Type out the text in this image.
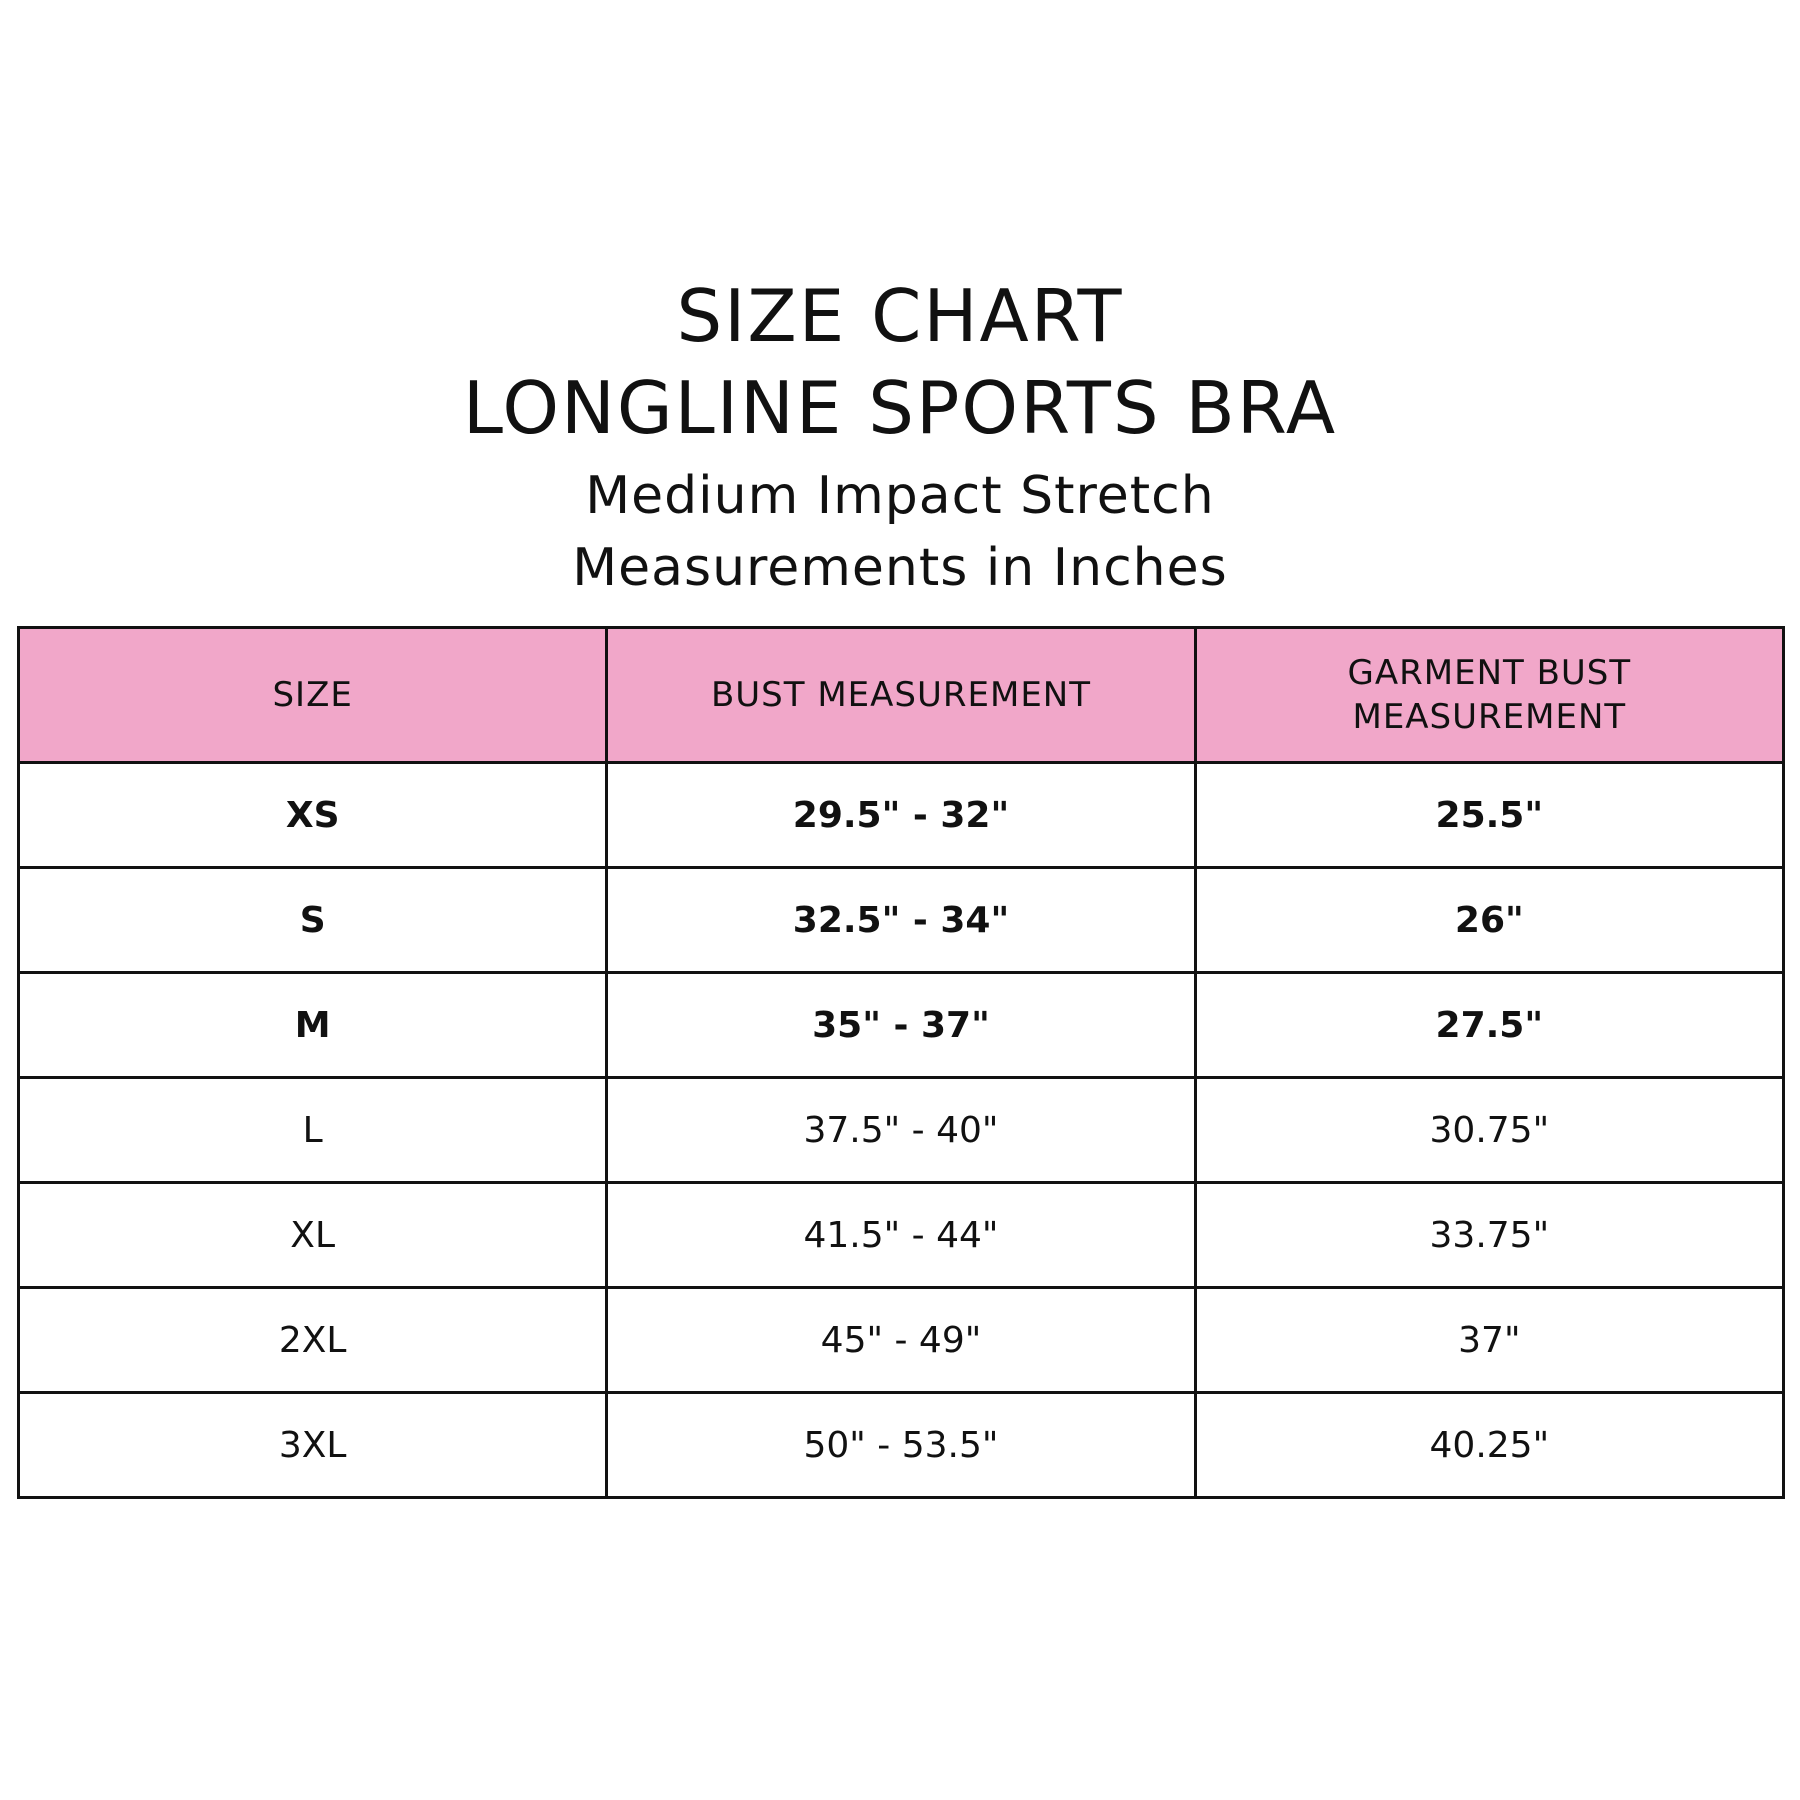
SIZE CHART
LONGLINE SPORTS BRA
Medium Impact Stretch
Measurements in Inches
SIZE	BUST MEASUREMENT	GARMENT BUST MEASUREMENT
XS	29.5" - 32"	25.5"
S	32.5" - 34"	26"
M	35" - 37"	27.5"
L	37.5" - 40"	30.75"
XL	41.5" - 44"	33.75"
2XL	45" - 49"	37"
3XL	50" - 53.5"	40.25"
